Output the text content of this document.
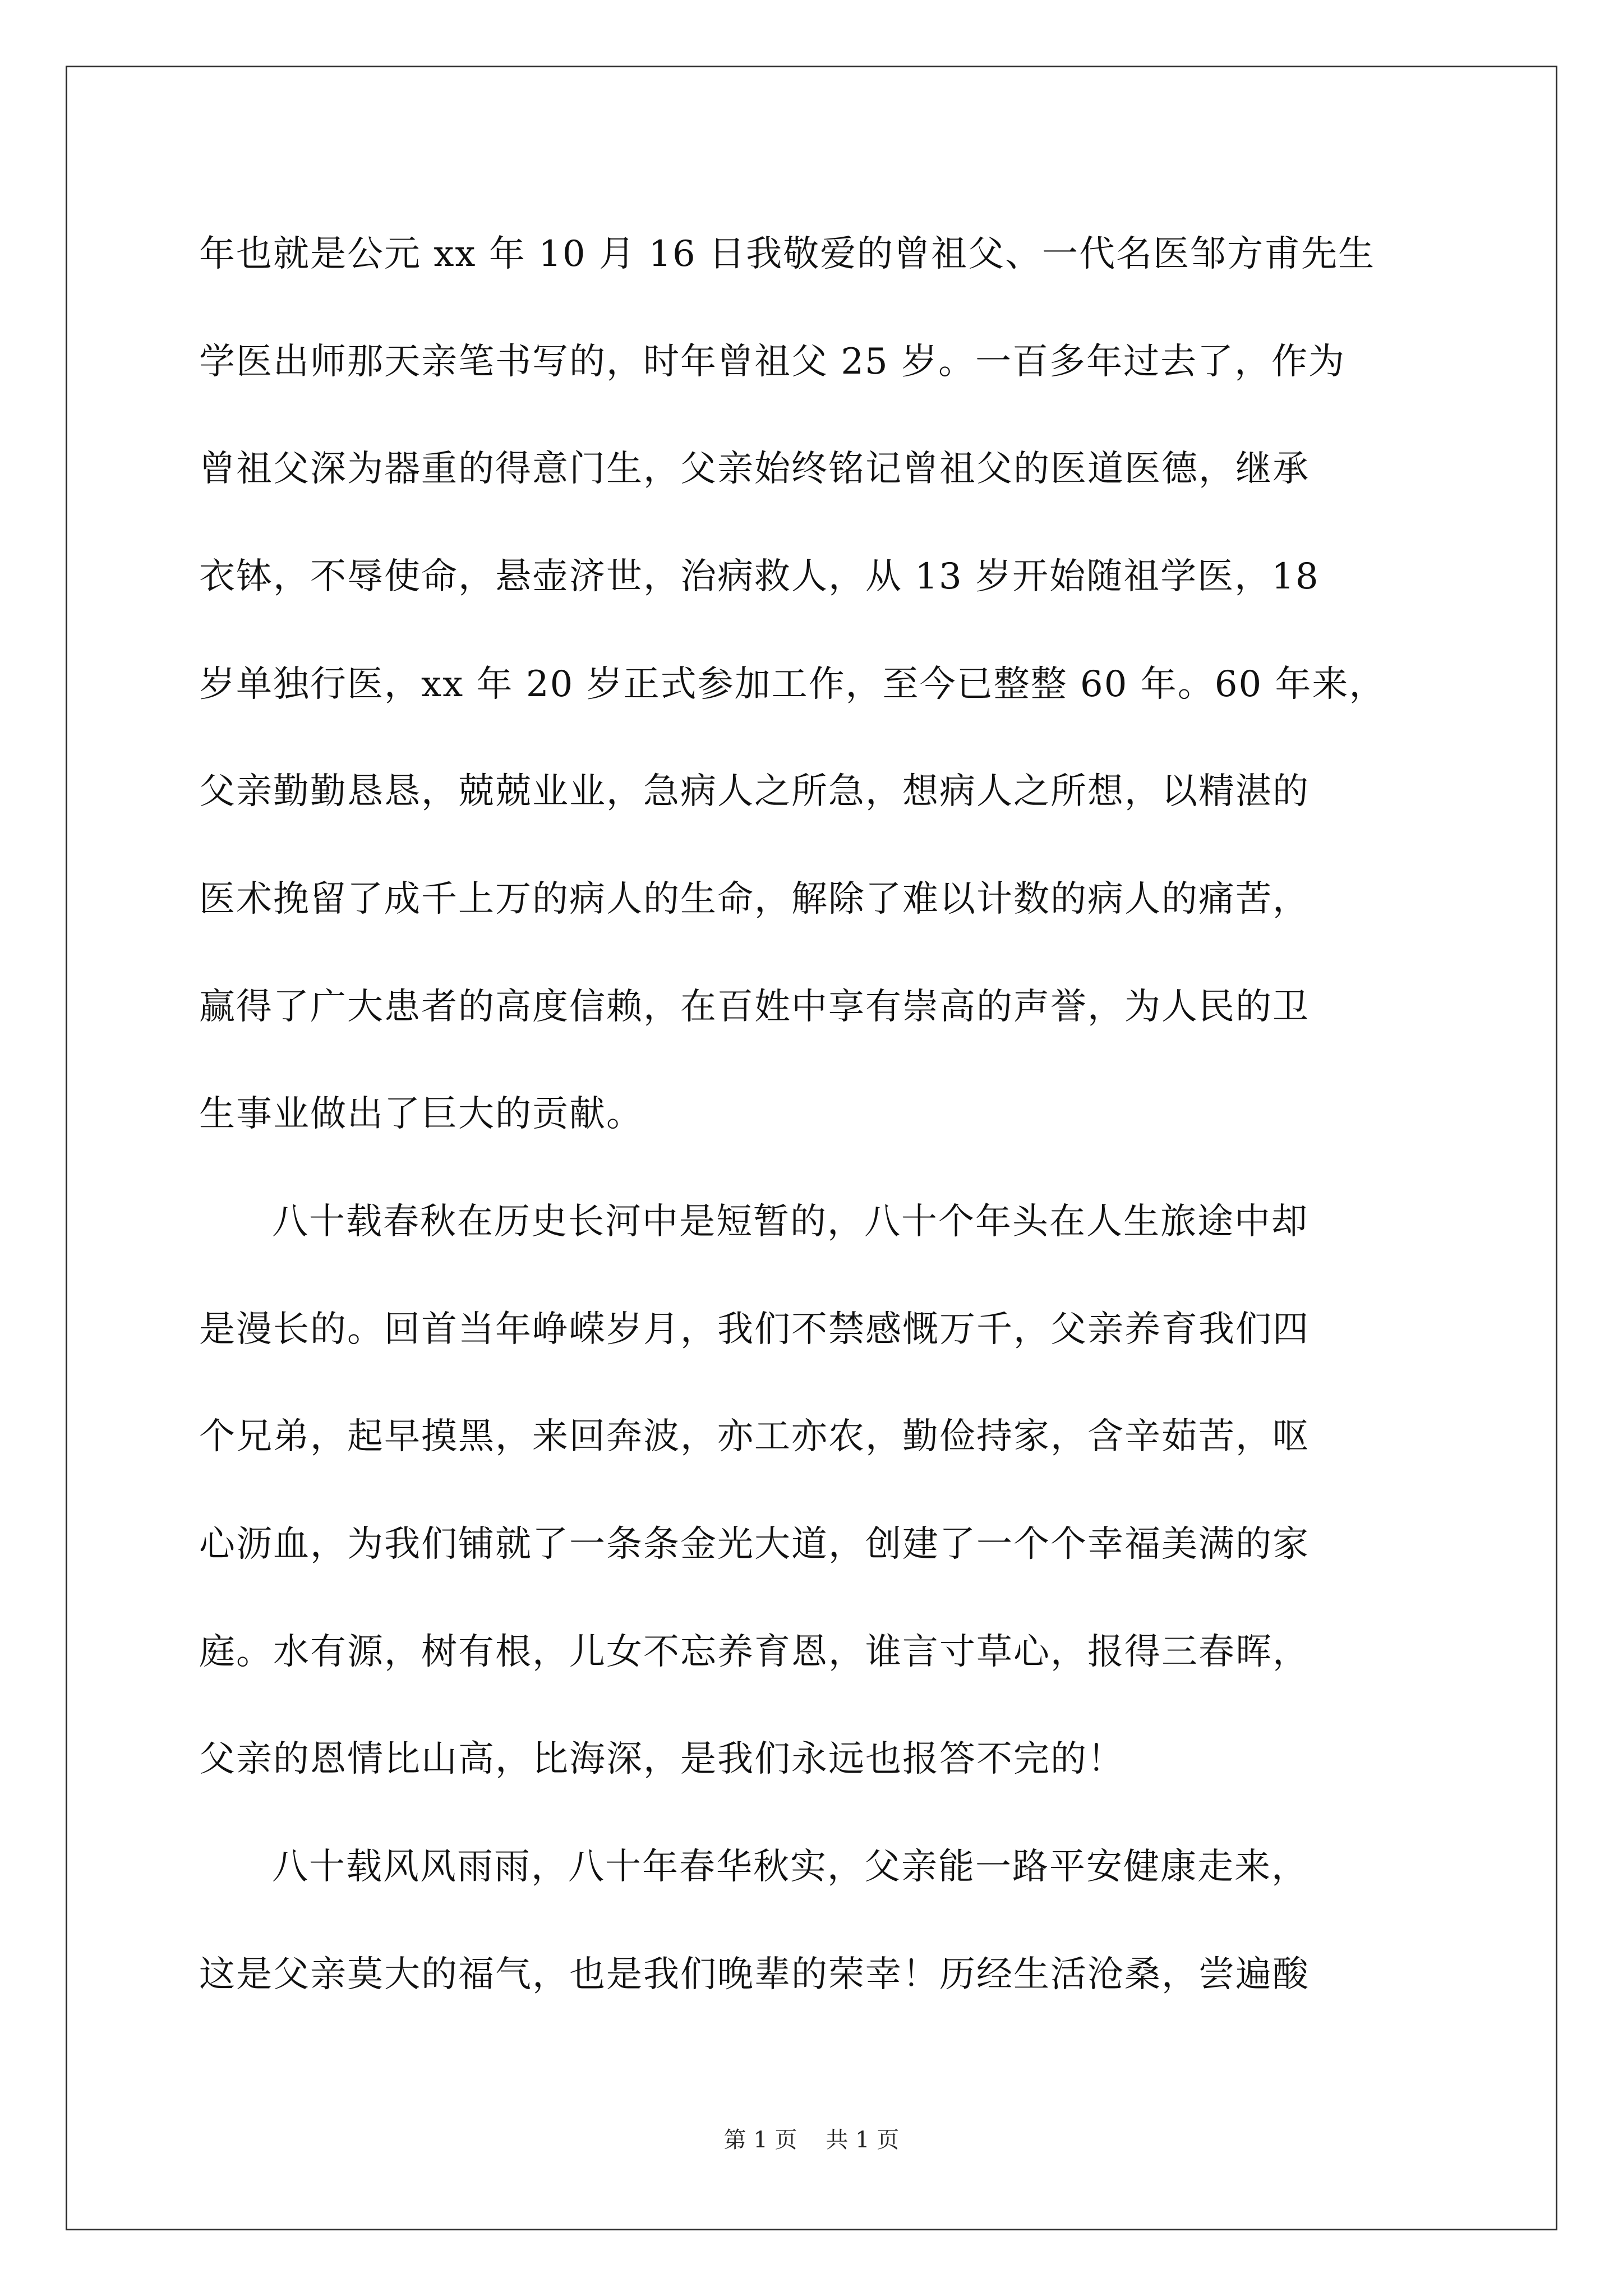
年也就是公元 xx 年 10 月 16 日我敬爱的曾祖父、一代名医邹方甫先生
学医出师那天亲笔书写的，时年曾祖父 25 岁。一百多年过去了，作为
曾祖父深为器重的得意门生，父亲始终铭记曾祖父的医道医德，继承
衣钵，不辱使命，悬壶济世，治病救人，从 13 岁开始随祖学医，18
岁单独行医，xx 年 20 岁正式参加工作，至今已整整 60 年。60 年来，
父亲勤勤恳恳，兢兢业业，急病人之所急，想病人之所想，以精湛的
医术挽留了成千上万的病人的生命，解除了难以计数的病人的痛苦，
赢得了广大患者的高度信赖，在百姓中享有崇高的声誉，为人民的卫
生事业做出了巨大的贡献。
八十载春秋在历史长河中是短暂的，八十个年头在人生旅途中却
是漫长的。回首当年峥嵘岁月，我们不禁感慨万千，父亲养育我们四
个兄弟，起早摸黑，来回奔波，亦工亦农，勤俭持家，含辛茹苦，呕
心沥血，为我们铺就了一条条金光大道，创建了一个个幸福美满的家
庭。水有源，树有根，儿女不忘养育恩，谁言寸草心，报得三春晖，
父亲的恩情比山高，比海深，是我们永远也报答不完的！
八十载风风雨雨，八十年春华秋实，父亲能一路平安健康走来，
这是父亲莫大的福气，也是我们晚辈的荣幸！历经生活沧桑，尝遍酸
第 1 页 共 1 页
